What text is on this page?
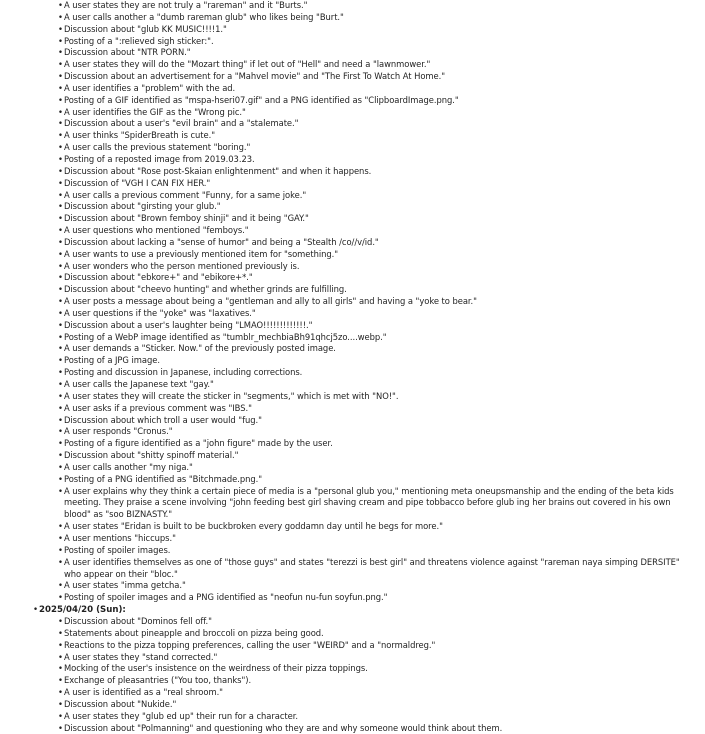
• A user states they are not truly a "rareman" and it "Burts."
• A user calls another a "dumb rareman glub" who likes being "Burt."
• Discussion about "glub KK MUSIC!!!!1."
• Posting of a ":relieved sigh sticker:".
• Discussion about "NTR PORN."
• A user states they will do the "Mozart thing" if let out of "Hell" and need a "lawnmower."
• Discussion about an advertisement for a "Mahvel movie" and "The First To Watch At Home."
• A user identifies a "problem" with the ad.
• Posting of a GIF identified as "mspa-hseri07.gif" and a PNG identified as "ClipboardImage.png."
• A user identifies the GIF as the "Wrong pic."
• Discussion about a user's "evil brain" and a "stalemate."
• A user thinks "SpiderBreath is cute."
• A user calls the previous statement "boring."
• Posting of a reposted image from 2019.03.23.
• Discussion about "Rose post-Skaian enlightenment" and when it happens.
• Discussion of "VGH I CAN FIX HER."
• A user calls a previous comment "Funny, for a same joke."
• Discussion about "girsting your glub."
• Discussion about "Brown femboy shinji" and it being "GAY."
• A user questions who mentioned "femboys."
• Discussion about lacking a "sense of humor" and being a "Stealth /co//v/id."
• A user wants to use a previously mentioned item for "something."
• A user wonders who the person mentioned previously is.
• Discussion about "ebkore+" and "ebikore+*."
• Discussion about "cheevo hunting" and whether grinds are fulfilling.
• A user posts a message about being a "gentleman and ally to all girls" and having a "yoke to bear."
• A user questions if the "yoke" was "laxatives."
• Discussion about a user's laughter being "LMAO!!!!!!!!!!!!!."
• Posting of a WebP image identified as "tumblr_mechbiaBh91qhcj5zo....webp."
• A user demands a "Sticker. Now." of the previously posted image.
• Posting of a JPG image.
• Posting and discussion in Japanese, including corrections.
• A user calls the Japanese text "gay."
• A user states they will create the sticker in "segments," which is met with "NO!".
• A user asks if a previous comment was "IBS."
• Discussion about which troll a user would "fug."
• A user responds "Cronus."
• Posting of a figure identified as a "john figure" made by the user.
• Discussion about "shitty spinoff material."
• A user calls another "my niga."
• Posting of a PNG identified as "Bitchmade.png."
• A user explains why they think a certain piece of media is a "personal glub you," mentioning meta oneupsmanship and the ending of the beta kids meeting. They praise a scene involving "john feeding best girl shaving cream and pipe tobbacco before glub ing her brains out covered in his own blood" as "soo BIZNASTY."
• A user states "Eridan is built to be buckbroken every goddamn day until he begs for more."
• A user mentions "hiccups."
• Posting of spoiler images.
• A user identifies themselves as one of "those guys" and states "terezzi is best girl" and threatens violence against "rareman naya simping DERSITE" who appear on their "bloc."
• A user states "imma getcha."
• Posting of spoiler images and a PNG identified as "neofun nu-fun soyfun.png."
• 2025/04/20 (Sun):
• Discussion about "Dominos fell off."
• Statements about pineapple and broccoli on pizza being good.
• Reactions to the pizza topping preferences, calling the user "WEIRD" and a "normaldreg."
• A user states they "stand corrected."
• Mocking of the user's insistence on the weirdness of their pizza toppings.
• Exchange of pleasantries ("You too, thanks").
• A user is identified as a "real shroom."
• Discussion about "Nukide."
• A user states they "glub ed up" their run for a character.
• Discussion about "Polmanning" and questioning who they are and why someone would think about them.
